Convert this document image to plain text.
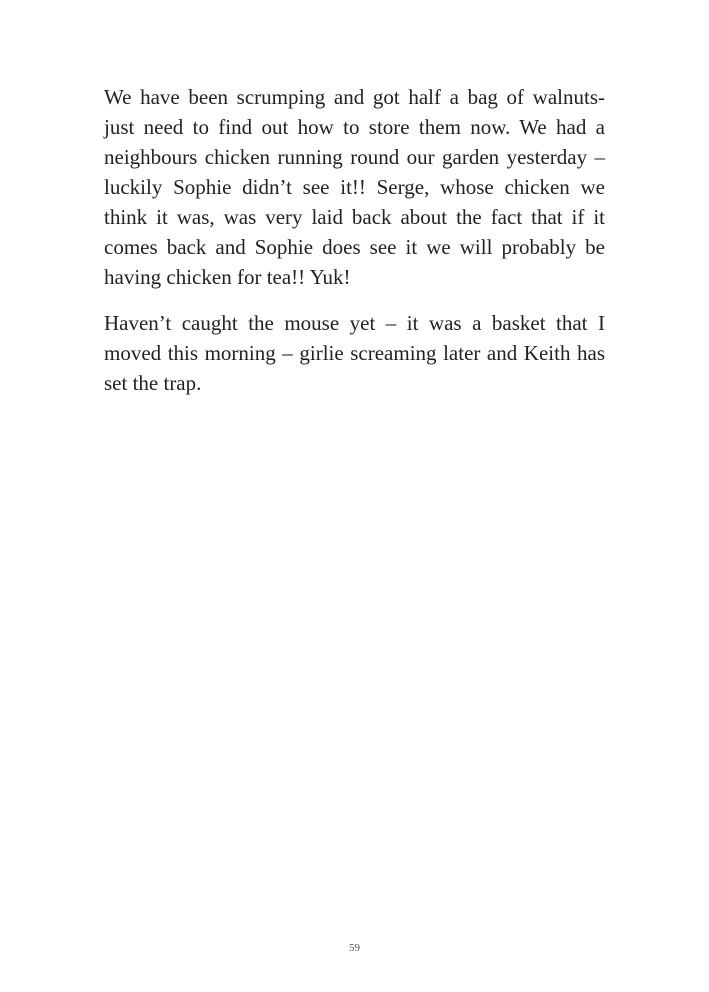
We have been scrumping and got half a bag of walnuts- just need to find out how to store them now. We had a neighbours chicken running round our garden yesterday – luckily Sophie didn’t see it!! Serge, whose chicken we think it was, was very laid back about the fact that if it comes back and Sophie does see it we will probably be having chicken for tea!! Yuk!

Haven’t caught the mouse yet – it was a basket that I moved this morning – girlie screaming later and Keith has set the trap.

59
